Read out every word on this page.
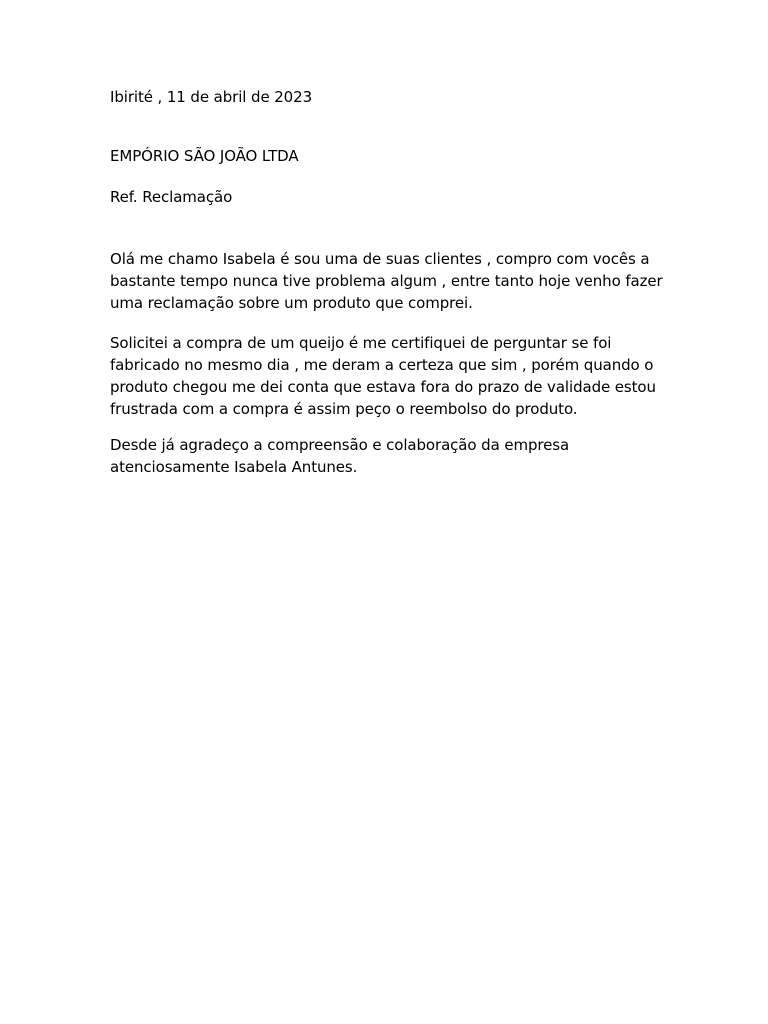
Ibirité , 11 de abril de 2023

EMPÓRIO SÃO JOÃO LTDA

Ref. Reclamação

Olá me chamo Isabela é sou uma de suas clientes , compro com vocês a
bastante tempo nunca tive problema algum , entre tanto hoje venho fazer
uma reclamação sobre um produto que comprei.
Solicitei a compra de um queijo é me certifiquei de perguntar se foi
fabricado no mesmo dia , me deram a certeza que sim , porém quando o
produto chegou me dei conta que estava fora do prazo de validade estou
frustrada com a compra é assim peço o reembolso do produto.
Desde já agradeço a compreensão e colaboração da empresa
atenciosamente Isabela Antunes.
